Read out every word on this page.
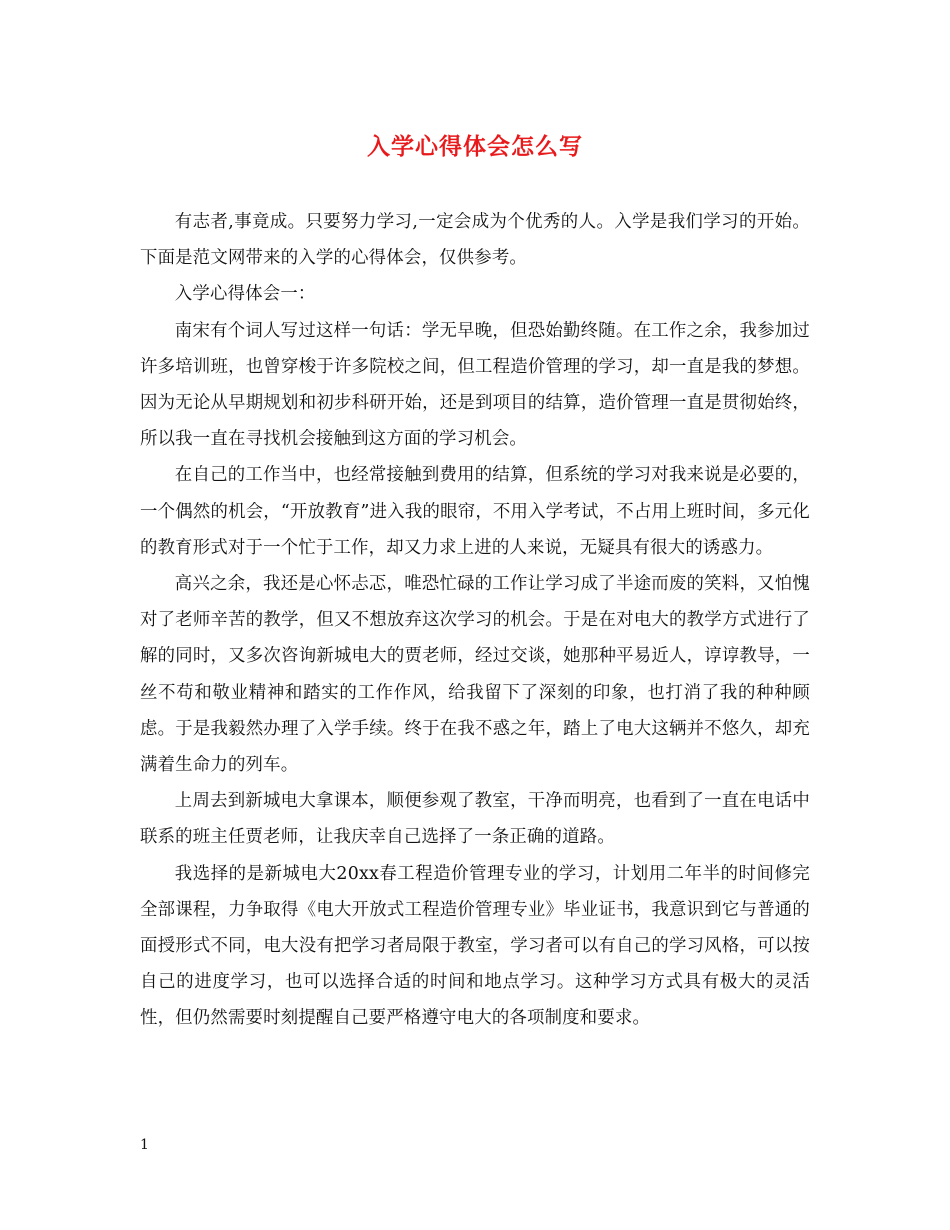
入学心得体会怎么写

有志者,事竟成。只要努力学习,一定会成为个优秀的人。入学是我们学习的开始。下面是范文网带来的入学的心得体会，仅供参考。

入学心得体会一：

南宋有个词人写过这样一句话：学无早晚，但恐始勤终随。在工作之余，我参加过许多培训班，也曾穿梭于许多院校之间，但工程造价管理的学习，却一直是我的梦想。因为无论从早期规划和初步科研开始，还是到项目的结算，造价管理一直是贯彻始终，所以我一直在寻找机会接触到这方面的学习机会。

在自己的工作当中，也经常接触到费用的结算，但系统的学习对我来说是必要的，一个偶然的机会，“开放教育”进入我的眼帘，不用入学考试，不占用上班时间，多元化的教育形式对于一个忙于工作，却又力求上进的人来说，无疑具有很大的诱惑力。

高兴之余，我还是心怀忐忑，唯恐忙碌的工作让学习成了半途而废的笑料，又怕愧对了老师辛苦的教学，但又不想放弃这次学习的机会。于是在对电大的教学方式进行了解的同时，又多次咨询新城电大的贾老师，经过交谈，她那种平易近人，谆谆教导，一丝不苟和敬业精神和踏实的工作作风，给我留下了深刻的印象，也打消了我的种种顾虑。于是我毅然办理了入学手续。终于在我不惑之年，踏上了电大这辆并不悠久，却充满着生命力的列车。

上周去到新城电大拿课本，顺便参观了教室，干净而明亮，也看到了一直在电话中联系的班主任贾老师，让我庆幸自己选择了一条正确的道路。

我选择的是新城电大20xx春工程造价管理专业的学习，计划用二年半的时间修完全部课程，力争取得《电大开放式工程造价管理专业》毕业证书，我意识到它与普通的面授形式不同，电大没有把学习者局限于教室，学习者可以有自己的学习风格，可以按自己的进度学习，也可以选择合适的时间和地点学习。这种学习方式具有极大的灵活性，但仍然需要时刻提醒自己要严格遵守电大的各项制度和要求。

1
